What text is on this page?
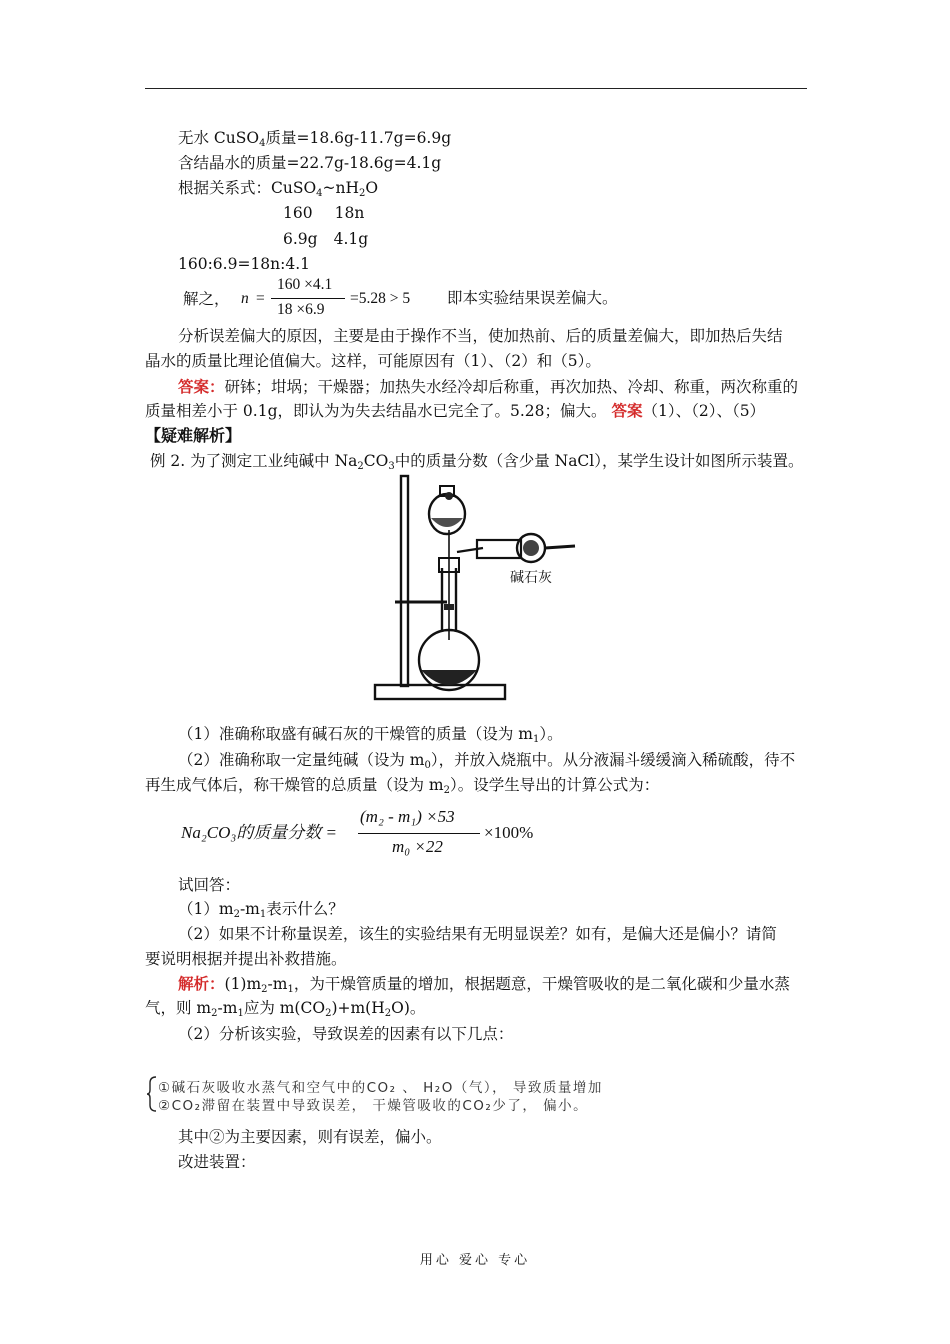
无水 CuSO$_4$质量=18.6g-11.7g=6.9g
含结晶水的质量=22.7g-18.6g=4.1g
根据关系式：$CuSO_4\sim nH_2O$
160 18n
6.9g 4.1g
160:6.9=18n:4.1
解之， n =
160 ×4.1
18 ×6.9
=5.28 > 5 即本实验结果误差偏大。
分析误差偏大的原因，主要是由于操作不当，使加热前、后的质量差偏大，即加热后失结
晶水的质量比理论值偏大。这样，可能原因有（1）、（2）和（5）。
答案：研钵；坩埚；干燥器；加热失水经冷却后称重，再次加热、冷却、称重，两次称重的
质量相差小于 0.1g，即认为为失去结晶水已完全了。5.28；偏大。 答案（1）、（2）、（5）
【疑难解析】
例 2. 为了测定工业纯碱中 $Na_2CO_3$中的质量分数（含少量 NaCl），某学生设计如图所示装置。
碱石灰
（1）准确称取盛有碱石灰的干燥管的质量（设为 $m_1$）。
（2）准确称取一定量纯碱（设为 $m_0$），并放入烧瓶中。从分液漏斗缓缓滴入稀硫酸，待不
再生成气体后，称干燥管的总质量（设为 $m_2$）。设学生导出的计算公式为：
Na₂CO₃的质量分数 =
(m₂ - m₁) ×53
m₀ ×22
×100%
试回答：
$(1)m_2-m_1$表示什么？
（2）如果不计称量误差，该生的实验结果有无明显误差？如有，是偏大还是偏小？请简
要说明根据并提出补救措施。
解析：$(1)m_2-m_1$，为干燥管质量的增加，根据题意，干燥管吸收的是二氧化碳和少量水蒸
气，则 $m_2-m_1$应为 $m(CO_2)+m(H_2O)$。
（2）分析该实验，导致误差的因素有以下几点：
①碱石灰吸收水蒸气和空气中的CO₂ 、 H₂O（气）， 导致质量增加
②CO₂滞留在装置中导致误差， 干燥管吸收的CO₂少了， 偏小。
其中②为主要因素，则有误差，偏小。
改进装置：
用心 爱心 专心
